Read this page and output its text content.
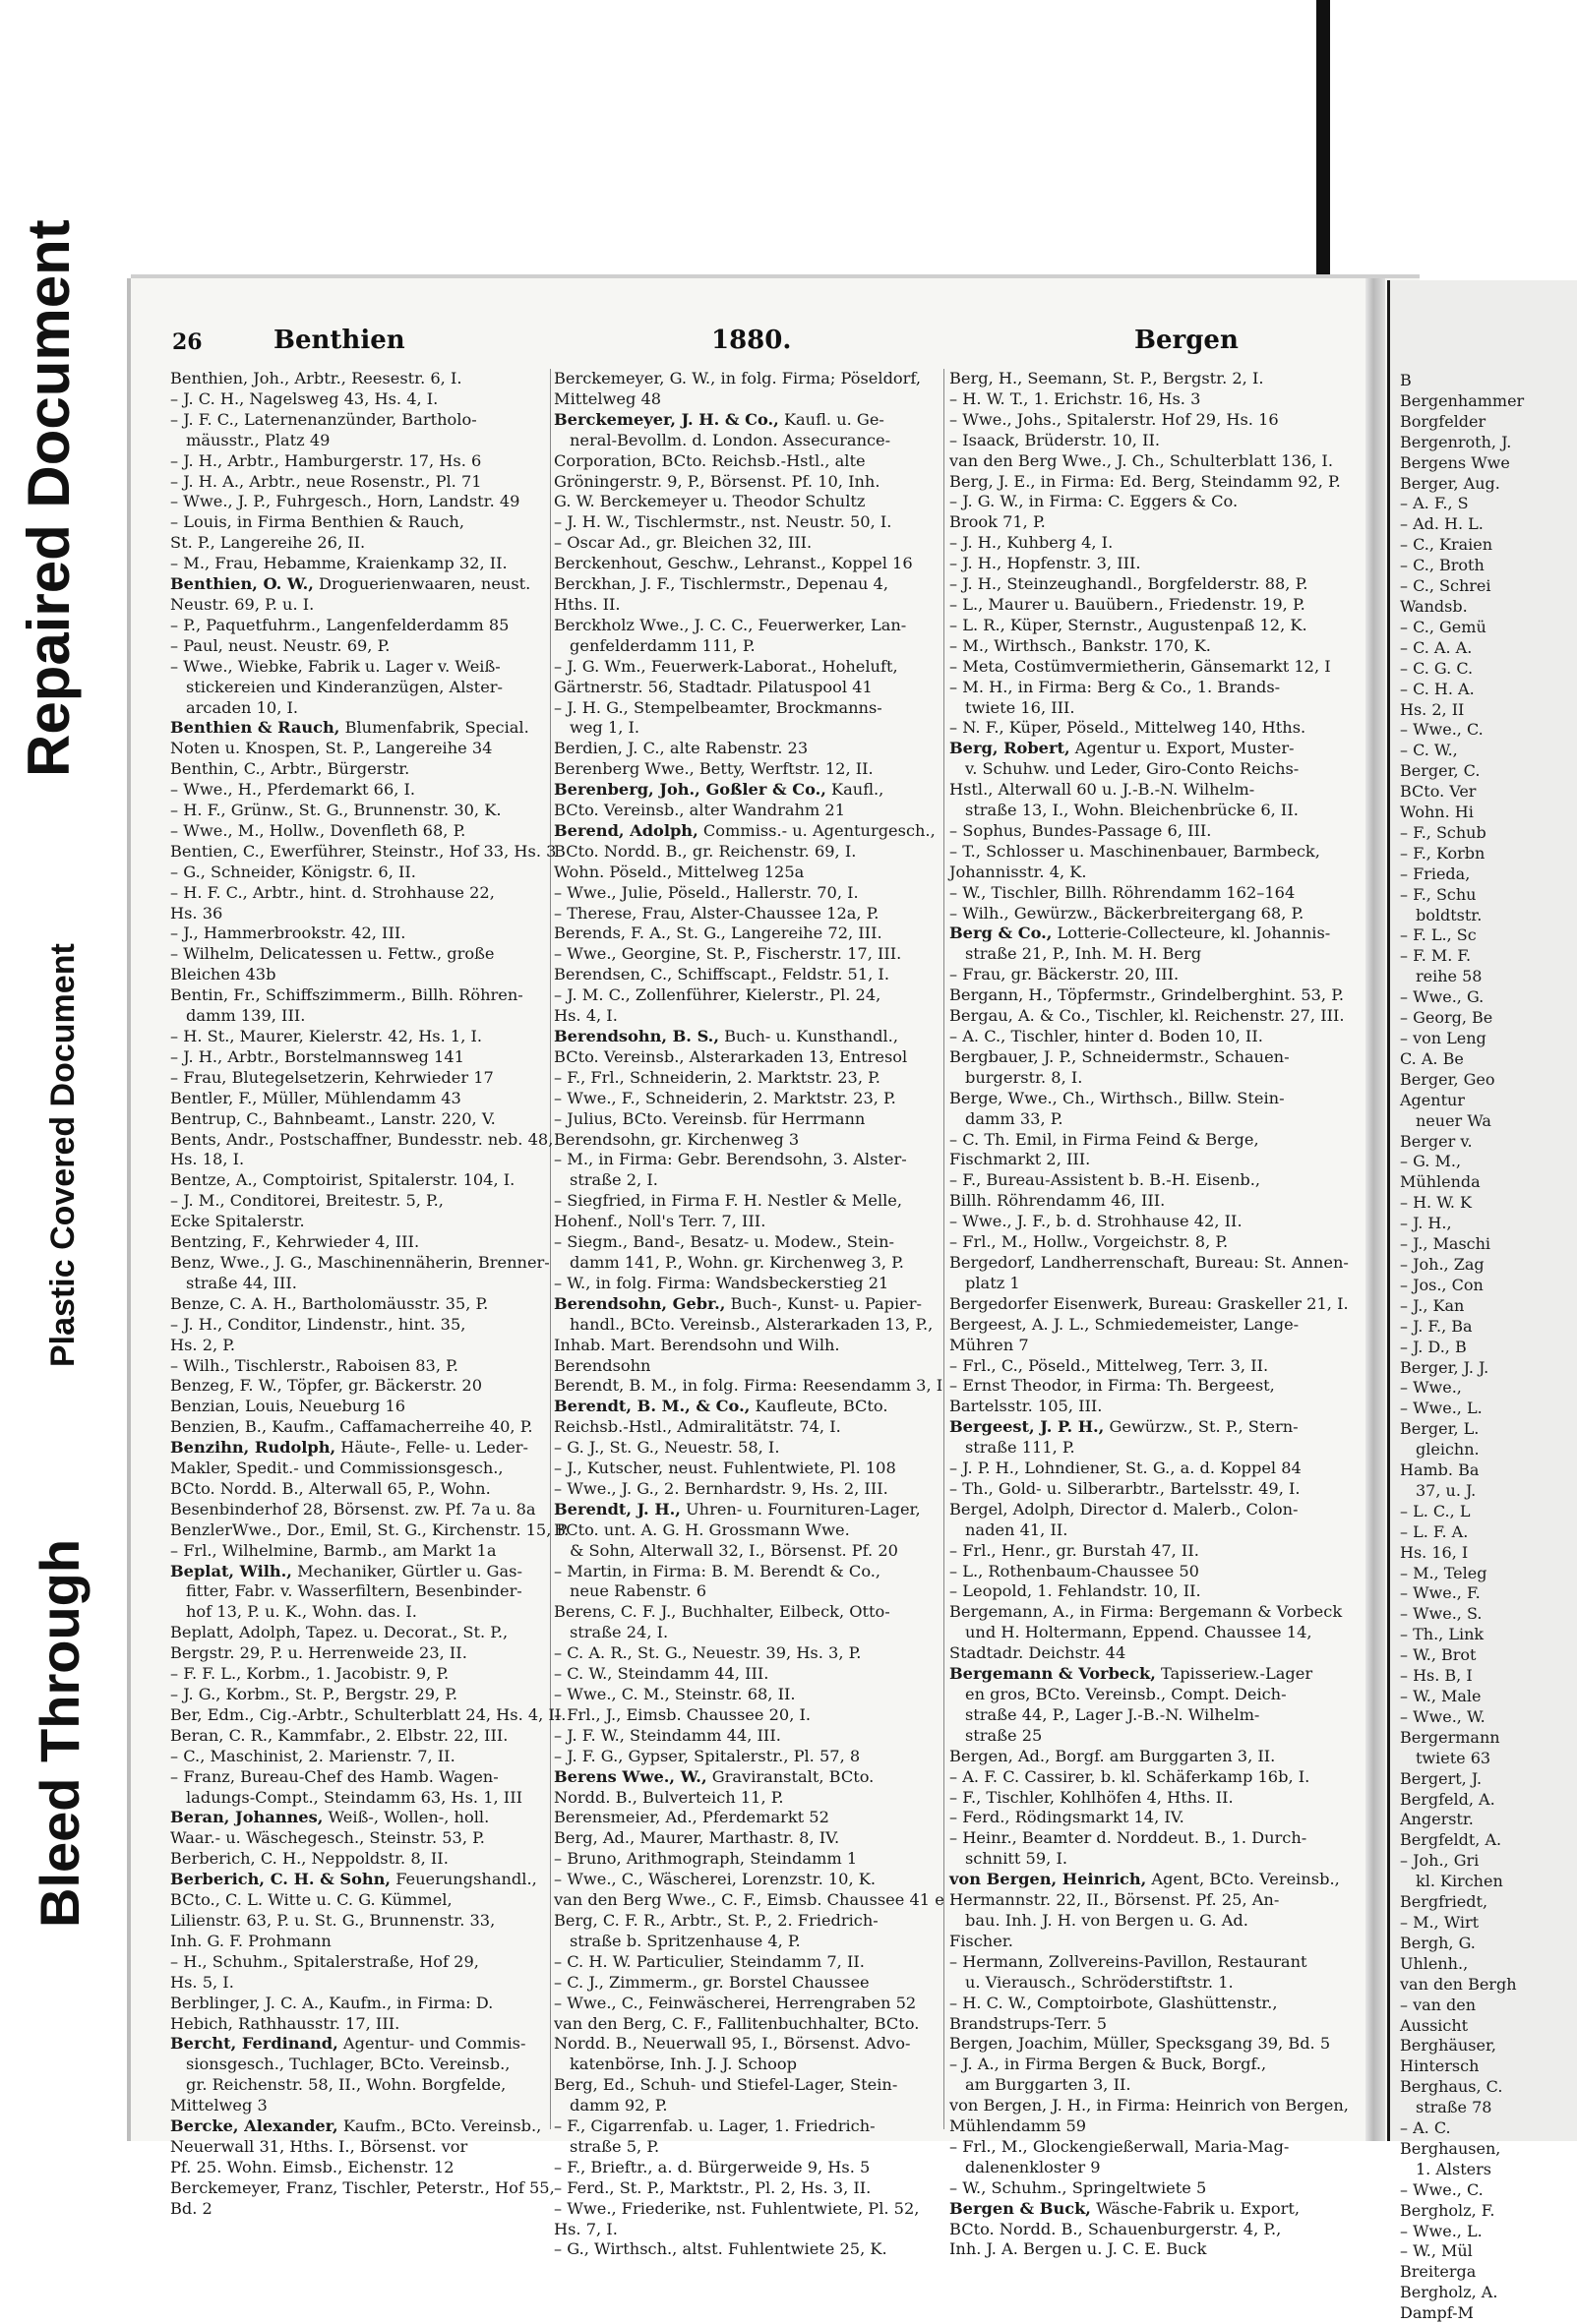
Repaired Document
Plastic Covered Document
Bleed Through
26	Benthien	1880.	Bergen
Benthien, Joh., Arbtr., Reesestr. 6, I.
– J. C. H., Nagelsweg 43, Hs. 4, I.
– J. F. C., Laternenanzünder, Bartholo-
mäusstr., Platz 49
– J. H., Arbtr., Hamburgerstr. 17, Hs. 6
– J. H. A., Arbtr., neue Rosenstr., Pl. 71
– Wwe., J. P., Fuhrgesch., Horn, Landstr. 49
– Louis, in Firma Benthien & Rauch,
St. P., Langereihe 26, II.
– M., Frau, Hebamme, Kraienkamp 32, II.
Benthien, O. W., Droguerienwaaren, neust.
Neustr. 69, P. u. I.
– P., Paquetfuhrm., Langenfelderdamm 85
– Paul, neust. Neustr. 69, P.
– Wwe., Wiebke, Fabrik u. Lager v. Weiß-
stickereien und Kinderanzügen, Alster-
arcaden 10, I.
Benthien & Rauch, Blumenfabrik, Special.
Noten u. Knospen, St. P., Langereihe 34
Benthin, C., Arbtr., Bürgerstr.
– Wwe., H., Pferdemarkt 66, I.
– H. F., Grünw., St. G., Brunnenstr. 30, K.
– Wwe., M., Hollw., Dovenfleth 68, P.
Bentien, C., Ewerführer, Steinstr., Hof 33, Hs. 3
– G., Schneider, Königstr. 6, II.
– H. F. C., Arbtr., hint. d. Strohhause 22,
Hs. 36
– J., Hammerbrookstr. 42, III.
– Wilhelm, Delicatessen u. Fettw., große
Bleichen 43b
Bentin, Fr., Schiffszimmerm., Billh. Röhren-
damm 139, III.
– H. St., Maurer, Kielerstr. 42, Hs. 1, I.
– J. H., Arbtr., Borstelmannsweg 141
– Frau, Blutegelsetzerin, Kehrwieder 17
Bentler, F., Müller, Mühlendamm 43
Bentrup, C., Bahnbeamt., Lanstr. 220, V.
Bents, Andr., Postschaffner, Bundesstr. neb. 48,
Hs. 18, I.
Bentze, A., Comptoirist, Spitalerstr. 104, I.
– J. M., Conditorei, Breitestr. 5, P.,
Ecke Spitalerstr.
Bentzing, F., Kehrwieder 4, III.
Benz, Wwe., J. G., Maschinennäherin, Brenner-
straße 44, III.
Benze, C. A. H., Bartholomäusstr. 35, P.
– J. H., Conditor, Lindenstr., hint. 35,
Hs. 2, P.
– Wilh., Tischlerstr., Raboisen 83, P.
Benzeg, F. W., Töpfer, gr. Bäckerstr. 20
Benzian, Louis, Neueburg 16
Benzien, B., Kaufm., Caffamacherreihe 40, P.
Benzihn, Rudolph, Häute-, Felle- u. Leder-
Makler, Spedit.- und Commissionsgesch.,
BCto. Nordd. B., Alterwall 65, P., Wohn.
Besenbinderhof 28, Börsenst. zw. Pf. 7a u. 8a
BenzlerWwe., Dor., Emil, St. G., Kirchenstr. 15, P.
– Frl., Wilhelmine, Barmb., am Markt 1a
Beplat, Wilh., Mechaniker, Gürtler u. Gas-
fitter, Fabr. v. Wasserfiltern, Besenbinder-
hof 13, P. u. K., Wohn. das. I.
Beplatt, Adolph, Tapez. u. Decorat., St. P.,
Bergstr. 29, P. u. Herrenweide 23, II.
– F. F. L., Korbm., 1. Jacobistr. 9, P.
– J. G., Korbm., St. P., Bergstr. 29, P.
Ber, Edm., Cig.-Arbtr., Schulterblatt 24, Hs. 4, II.
Beran, C. R., Kammfabr., 2. Elbstr. 22, III.
– C., Maschinist, 2. Marienstr. 7, II.
– Franz, Bureau-Chef des Hamb. Wagen-
ladungs-Compt., Steindamm 63, Hs. 1, III
Beran, Johannes, Weiß-, Wollen-, holl.
Waar.- u. Wäschegesch., Steinstr. 53, P.
Berberich, C. H., Neppoldstr. 8, II.
Berberich, C. H. & Sohn, Feuerungshandl.,
BCto., C. L. Witte u. C. G. Kümmel,
Lilienstr. 63, P. u. St. G., Brunnenstr. 33,
Inh. G. F. Prohmann
– H., Schuhm., Spitalerstraße, Hof 29,
Hs. 5, I.
Berblinger, J. C. A., Kaufm., in Firma: D.
Hebich, Rathhausstr. 17, III.
Bercht, Ferdinand, Agentur- und Commis-
sionsgesch., Tuchlager, BCto. Vereinsb.,
gr. Reichenstr. 58, II., Wohn. Borgfelde,
Mittelweg 3
Bercke, Alexander, Kaufm., BCto. Vereinsb.,
Neuerwall 31, Hths. I., Börsenst. vor
Pf. 25. Wohn. Eimsb., Eichenstr. 12
Berckemeyer, Franz, Tischler, Peterstr., Hof 55,
Bd. 2
Berckemeyer, G. W., in folg. Firma; Pöseldorf,
Mittelweg 48
Berckemeyer, J. H. & Co., Kaufl. u. Ge-
neral-Bevollm. d. London. Assecurance-
Corporation, BCto. Reichsb.-Hstl., alte
Gröningerstr. 9, P., Börsenst. Pf. 10, Inh.
G. W. Berckemeyer u. Theodor Schultz
– J. H. W., Tischlermstr., nst. Neustr. 50, I.
– Oscar Ad., gr. Bleichen 32, III.
Berckenhout, Geschw., Lehranst., Koppel 16
Berckhan, J. F., Tischlermstr., Depenau 4,
Hths. II.
Berckholz Wwe., J. C. C., Feuerwerker, Lan-
genfelderdamm 111, P.
– J. G. Wm., Feuerwerk-Laborat., Hoheluft,
Gärtnerstr. 56, Stadtadr. Pilatuspool 41
– J. H. G., Stempelbeamter, Brockmanns-
weg 1, I.
Berdien, J. C., alte Rabenstr. 23
Berenberg Wwe., Betty, Werftstr. 12, II.
Berenberg, Joh., Goßler & Co., Kaufl.,
BCto. Vereinsb., alter Wandrahm 21
Berend, Adolph, Commiss.- u. Agenturgesch.,
BCto. Nordd. B., gr. Reichenstr. 69, I.
Wohn. Pöseld., Mittelweg 125a
– Wwe., Julie, Pöseld., Hallerstr. 70, I.
– Therese, Frau, Alster-Chaussee 12a, P.
Berends, F. A., St. G., Langereihe 72, III.
– Wwe., Georgine, St. P., Fischerstr. 17, III.
Berendsen, C., Schiffscapt., Feldstr. 51, I.
– J. M. C., Zollenführer, Kielerstr., Pl. 24,
Hs. 4, I.
Berendsohn, B. S., Buch- u. Kunsthandl.,
BCto. Vereinsb., Alsterarkaden 13, Entresol
– F., Frl., Schneiderin, 2. Marktstr. 23, P.
– Wwe., F., Schneiderin, 2. Marktstr. 23, P.
– Julius, BCto. Vereinsb. für Herrmann
Berendsohn, gr. Kirchenweg 3
– M., in Firma: Gebr. Berendsohn, 3. Alster-
straße 2, I.
– Siegfried, in Firma F. H. Nestler & Melle,
Hohenf., Noll's Terr. 7, III.
– Siegm., Band-, Besatz- u. Modew., Stein-
damm 141, P., Wohn. gr. Kirchenweg 3, P.
– W., in folg. Firma: Wandsbeckerstieg 21
Berendsohn, Gebr., Buch-, Kunst- u. Papier-
handl., BCto. Vereinsb., Alsterarkaden 13, P.,
Inhab. Mart. Berendsohn und Wilh.
Berendsohn
Berendt, B. M., in folg. Firma: Reesendamm 3, I
Berendt, B. M., & Co., Kaufleute, BCto.
Reichsb.-Hstl., Admiralitätstr. 74, I.
– G. J., St. G., Neuestr. 58, I.
– J., Kutscher, neust. Fuhlentwiete, Pl. 108
– Wwe., J. G., 2. Bernhardstr. 9, Hs. 2, III.
Berendt, J. H., Uhren- u. Fournituren-Lager,
BCto. unt. A. G. H. Grossmann Wwe.
& Sohn, Alterwall 32, I., Börsenst. Pf. 20
– Martin, in Firma: B. M. Berendt & Co.,
neue Rabenstr. 6
Berens, C. F. J., Buchhalter, Eilbeck, Otto-
straße 24, I.
– C. A. R., St. G., Neuestr. 39, Hs. 3, P.
– C. W., Steindamm 44, III.
– Wwe., C. M., Steinstr. 68, II.
– Frl., J., Eimsb. Chaussee 20, I.
– J. F. W., Steindamm 44, III.
– J. F. G., Gypser, Spitalerstr., Pl. 57, 8
Berens Wwe., W., Graviranstalt, BCto.
Nordd. B., Bulverteich 11, P.
Berensmeier, Ad., Pferdemarkt 52
Berg, Ad., Maurer, Marthastr. 8, IV.
– Bruno, Arithmograph, Steindamm 1
– Wwe., C., Wäscherei, Lorenzstr. 10, K.
van den Berg Wwe., C. F., Eimsb. Chaussee 41 e
Berg, C. F. R., Arbtr., St. P., 2. Friedrich-
straße b. Spritzenhause 4, P.
– C. H. W. Particulier, Steindamm 7, II.
– C. J., Zimmerm., gr. Borstel Chaussee
– Wwe., C., Feinwäscherei, Herrengraben 52
van den Berg, C. F., Fallitenbuchhalter, BCto.
Nordd. B., Neuerwall 95, I., Börsenst. Advo-
katenbörse, Inh. J. J. Schoop
Berg, Ed., Schuh- und Stiefel-Lager, Stein-
damm 92, P.
– F., Cigarrenfab. u. Lager, 1. Friedrich-
straße 5, P.
– F., Brieftr., a. d. Bürgerweide 9, Hs. 5
– Ferd., St. P., Marktstr., Pl. 2, Hs. 3, II.
– Wwe., Friederike, nst. Fuhlentwiete, Pl. 52,
Hs. 7, I.
– G., Wirthsch., altst. Fuhlentwiete 25, K.
Berg, H., Seemann, St. P., Bergstr. 2, I.
– H. W. T., 1. Erichstr. 16, Hs. 3
– Wwe., Johs., Spitalerstr. Hof 29, Hs. 16
– Isaack, Brüderstr. 10, II.
van den Berg Wwe., J. Ch., Schulterblatt 136, I.
Berg, J. E., in Firma: Ed. Berg, Steindamm 92, P.
– J. G. W., in Firma: C. Eggers & Co.
Brook 71, P.
– J. H., Kuhberg 4, I.
– J. H., Hopfenstr. 3, III.
– J. H., Steinzeughandl., Borgfelderstr. 88, P.
– L., Maurer u. Bauübern., Friedenstr. 19, P.
– L. R., Küper, Sternstr., Augustenpaß 12, K.
– M., Wirthsch., Bankstr. 170, K.
– Meta, Costümvermietherin, Gänsemarkt 12, I
– M. H., in Firma: Berg & Co., 1. Brands-
twiete 16, III.
– N. F., Küper, Pöseld., Mittelweg 140, Hths.
Berg, Robert, Agentur u. Export, Muster-
v. Schuhw. und Leder, Giro-Conto Reichs-
Hstl., Alterwall 60 u. J.-B.-N. Wilhelm-
straße 13, I., Wohn. Bleichenbrücke 6, II.
– Sophus, Bundes-Passage 6, III.
– T., Schlosser u. Maschinenbauer, Barmbeck,
Johannisstr. 4, K.
– W., Tischler, Billh. Röhrendamm 162–164
– Wilh., Gewürzw., Bäckerbreitergang 68, P.
Berg & Co., Lotterie-Collecteure, kl. Johannis-
straße 21, P., Inh. M. H. Berg
– Frau, gr. Bäckerstr. 20, III.
Bergann, H., Töpfermstr., Grindelberghint. 53, P.
Bergau, A. & Co., Tischler, kl. Reichenstr. 27, III.
– A. C., Tischler, hinter d. Boden 10, II.
Bergbauer, J. P., Schneidermstr., Schauen-
burgerstr. 8, I.
Berge, Wwe., Ch., Wirthsch., Billw. Stein-
damm 33, P.
– C. Th. Emil, in Firma Feind & Berge,
Fischmarkt 2, III.
– F., Bureau-Assistent b. B.-H. Eisenb.,
Billh. Röhrendamm 46, III.
– Wwe., J. F., b. d. Strohhause 42, II.
– Frl., M., Hollw., Vorgeichstr. 8, P.
Bergedorf, Landherrenschaft, Bureau: St. Annen-
platz 1
Bergedorfer Eisenwerk, Bureau: Graskeller 21, I.
Bergeest, A. J. L., Schmiedemeister, Lange-
Mühren 7
– Frl., C., Pöseld., Mittelweg, Terr. 3, II.
– Ernst Theodor, in Firma: Th. Bergeest,
Bartelsstr. 105, III.
Bergeest, J. P. H., Gewürzw., St. P., Stern-
straße 111, P.
– J. P. H., Lohndiener, St. G., a. d. Koppel 84
– Th., Gold- u. Silberarbtr., Bartelsstr. 49, I.
Bergel, Adolph, Director d. Malerb., Colon-
naden 41, II.
– Frl., Henr., gr. Burstah 47, II.
– L., Rothenbaum-Chaussee 50
– Leopold, 1. Fehlandstr. 10, II.
Bergemann, A., in Firma: Bergemann & Vorbeck
und H. Holtermann, Eppend. Chaussee 14,
Stadtadr. Deichstr. 44
Bergemann & Vorbeck, Tapisseriew.-Lager
en gros, BCto. Vereinsb., Compt. Deich-
straße 44, P., Lager J.-B.-N. Wilhelm-
straße 25
Bergen, Ad., Borgf. am Burggarten 3, II.
– A. F. C. Cassirer, b. kl. Schäferkamp 16b, I.
– F., Tischler, Kohlhöfen 4, Hths. II.
– Ferd., Rödingsmarkt 14, IV.
– Heinr., Beamter d. Norddeut. B., 1. Durch-
schnitt 59, I.
von Bergen, Heinrich, Agent, BCto. Vereinsb.,
Hermannstr. 22, II., Börsenst. Pf. 25, An-
bau. Inh. J. H. von Bergen u. G. Ad.
Fischer.
– Hermann, Zollvereins-Pavillon, Restaurant
u. Vierausch., Schröderstiftstr. 1.
– H. C. W., Comptoirbote, Glashüttenstr.,
Brandstrups-Terr. 5
Bergen, Joachim, Müller, Specksgang 39, Bd. 5
– J. A., in Firma Bergen & Buck, Borgf.,
am Burggarten 3, II.
von Bergen, J. H., in Firma: Heinrich von Bergen,
Mühlendamm 59
– Frl., M., Glockengießerwall, Maria-Mag-
dalenenkloster 9
– W., Schuhm., Springeltwiete 5
Bergen & Buck, Wäsche-Fabrik u. Export,
BCto. Nordd. B., Schauenburgerstr. 4, P.,
Inh. J. A. Bergen u. J. C. E. Buck
B
Bergenhammer
Borgfelder
Bergenroth, J.
Bergens Wwe
Berger, Aug.
– A. F., S
– Ad. H. L.
– C., Kraien
– C., Broth
– C., Schrei
Wandsb.
– C., Gemü
– C. A. A.
– C. G. C.
– C. H. A.
Hs. 2, II
– Wwe., C.
– C. W.,
Berger, C.
BCto. Ver
Wohn. Hi
– F., Schub
– F., Korbn
– Frieda,
– F., Schu
boldtstr.
– F. L., Sc
– F. M. F.
reihe 58
– Wwe., G.
– Georg, Be
– von Leng
C. A. Be
Berger, Geo
Agentur
neuer Wa
Berger v.
– G. M.,
Mühlenda
– H. W. K
– J. H.,
– J., Maschi
– Joh., Zag
– Jos., Con
– J., Kan
– J. F., Ba
– J. D., B
Berger, J. J.
– Wwe.,
– Wwe., L.
Berger, L.
gleichn.
Hamb. Ba
37, u. J.
– L. C., L
– L. F. A.
Hs. 16, I
– M., Teleg
– Wwe., F.
– Wwe., S.
– Th., Link
– W., Brot
– Hs. B, I
– W., Male
– Wwe., W.
Bergermann
twiete 63
Bergert, J.
Bergfeld, A.
Angerstr.
Bergfeldt, A.
– Joh., Gri
kl. Kirchen
Bergfriedt,
– M., Wirt
Bergh, G.
Uhlenh.,
van den Bergh
– van den
Aussicht
Berghäuser,
Hintersch
Berghaus, C.
straße 78
– A. C.
Berghausen,
1. Alsters
– Wwe., C.
Bergholz, F.
– Wwe., L.
– W., Mül
Breiterga
Bergholz, A.
Dampf-M
